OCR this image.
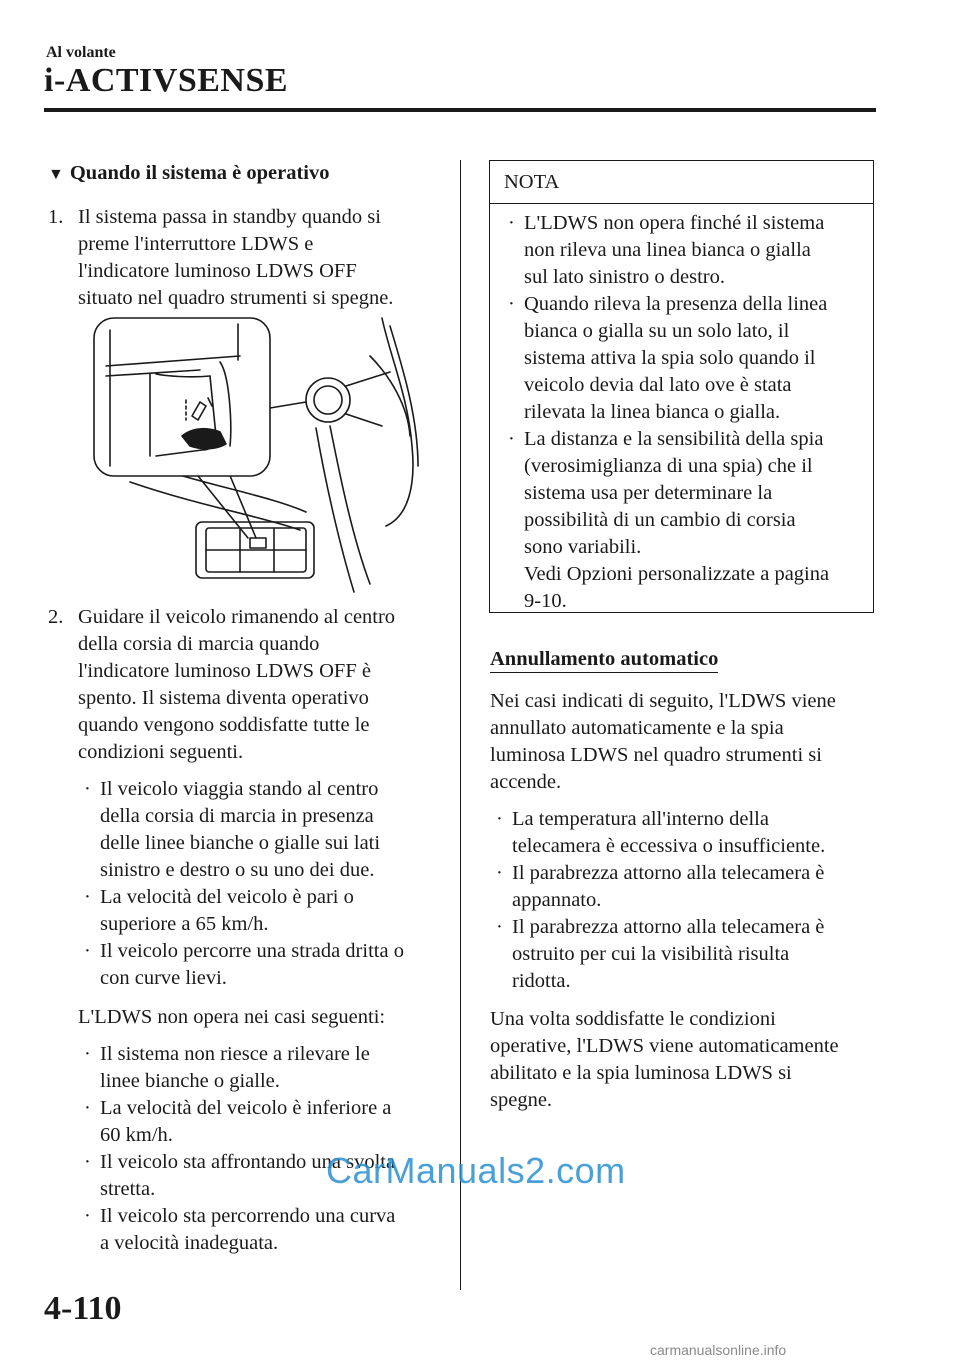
Al volante
i-ACTIVSENSE
▼ Quando il sistema è operativo
1. Il sistema passa in standby quando si
preme l'interruttore LDWS e
l'indicatore luminoso LDWS OFF
situato nel quadro strumenti si spegne.
2. Guidare il veicolo rimanendo al centro
della corsia di marcia quando
l'indicatore luminoso LDWS OFF è
spento. Il sistema diventa operativo
quando vengono soddisfatte tutte le
condizioni seguenti.
· Il veicolo viaggia stando al centro
della corsia di marcia in presenza
delle linee bianche o gialle sui lati
sinistro e destro o su uno dei due.
· La velocità del veicolo è pari o
superiore a 65 km/h.
· Il veicolo percorre una strada dritta o
con curve lievi.
L'LDWS non opera nei casi seguenti:
· Il sistema non riesce a rilevare le
linee bianche o gialle.
· La velocità del veicolo è inferiore a
60 km/h.
· Il veicolo sta affrontando una svolta
stretta.
· Il veicolo sta percorrendo una curva
a velocità inadeguata.
NOTA
· L'LDWS non opera finché il sistema
non rileva una linea bianca o gialla
sul lato sinistro o destro.
· Quando rileva la presenza della linea
bianca o gialla su un solo lato, il
sistema attiva la spia solo quando il
veicolo devia dal lato ove è stata
rilevata la linea bianca o gialla.
· La distanza e la sensibilità della spia
(verosimiglianza di una spia) che il
sistema usa per determinare la
possibilità di un cambio di corsia
sono variabili.
Vedi Opzioni personalizzate a pagina
9-10.
Annullamento automatico
Nei casi indicati di seguito, l'LDWS viene
annullato automaticamente e la spia
luminosa LDWS nel quadro strumenti si
accende.
· La temperatura all'interno della
telecamera è eccessiva o insufficiente.
· Il parabrezza attorno alla telecamera è
appannato.
· Il parabrezza attorno alla telecamera è
ostruito per cui la visibilità risulta
ridotta.
Una volta soddisfatte le condizioni
operative, l'LDWS viene automaticamente
abilitato e la spia luminosa LDWS si
spegne.
4-110
CarManuals2.com
carmanualsonline.info
